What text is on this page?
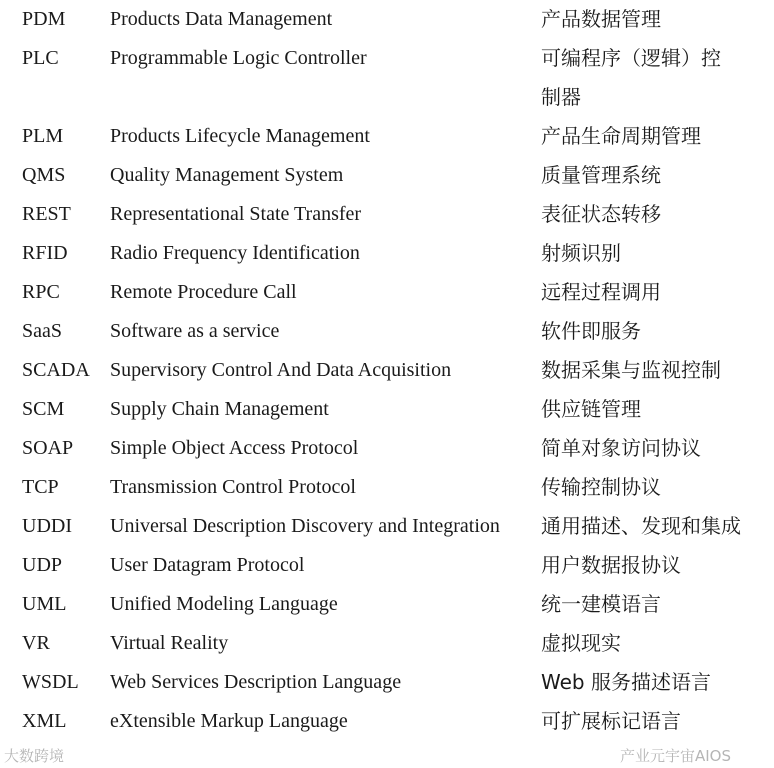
PDM Products Data Management	产品数据管理
PLC	Programmable Logic Controller	可编程序（逻辑）控
制器
PLM Products Lifecycle Management	产品生命周期管理
QMS Quality Management System	质量管理系统
REST Representational State Transfer	表征状态转移
RFID Radio Frequency Identification	射频识别
RPC	Remote Procedure Call	远程过程调用
SaaS Software as a service	软件即服务
SCADA Supervisory Control And Data Acquisition	数据采集与监视控制
SCM Supply Chain Management	供应链管理
SOAP Simple Object Access Protocol	简单对象访问协议
TCP	Transmission Control Protocol	传输控制协议
UDDI Universal Description Discovery and Integration 通用描述、发现和集成
UDP User Datagram Protocol	用户数据报协议
UML Unified Modeling Language	统一建模语言
VR	Virtual Reality	虚拟现实
WSDL Web Services Description Language	Web 服务描述语言
XML eXtensible Markup Language	可扩展标记语言
大数跨境	产业元宇宙AIOS
